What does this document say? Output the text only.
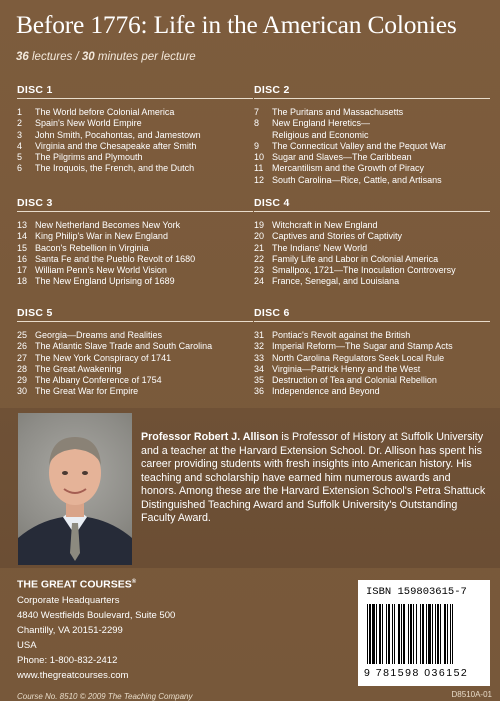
Before 1776: Life in the American Colonies
36 lectures / 30 minutes per lecture
DISC 1
1	The World before Colonial America
2	Spain's New World Empire
3	John Smith, Pocahontas, and Jamestown
4	Virginia and the Chesapeake after Smith
5	The Pilgrims and Plymouth
6	The Iroquois, the French, and the Dutch
DISC 2
7	The Puritans and Massachusetts
8	New England Heretics—
Religious and Economic
9	The Connecticut Valley and the Pequot War
10 Sugar and Slaves—The Caribbean
11 Mercantilism and the Growth of Piracy
12 South Carolina—Rice, Cattle, and Artisans
DISC 3
13 New Netherland Becomes New York
14 King Philip's War in New England
15 Bacon's Rebellion in Virginia
16 Santa Fe and the Pueblo Revolt of 1680
17 William Penn's New World Vision
18 The New England Uprising of 1689
DISC 4
19 Witchcraft in New England
20 Captives and Stories of Captivity
21 The Indians' New World
22 Family Life and Labor in Colonial America
23 Smallpox, 1721—The Inoculation Controversy
24 France, Senegal, and Louisiana
DISC 5
25 Georgia—Dreams and Realities
26 The Atlantic Slave Trade and South Carolina
27 The New York Conspiracy of 1741
28 The Great Awakening
29 The Albany Conference of 1754
30 The Great War for Empire
DISC 6
31 Pontiac's Revolt against the British
32 Imperial Reform—The Sugar and Stamp Acts
33 North Carolina Regulators Seek Local Rule
34 Virginia—Patrick Henry and the West
35 Destruction of Tea and Colonial Rebellion
36 Independence and Beyond
Professor Robert J. Allison is Professor of History at Suffolk University and a teacher at the Harvard Extension School. Dr. Allison has spent his career providing students with fresh insights into American history. His teaching and scholarship have earned him numerous awards and honors. Among these are the Harvard Extension School's Petra Shattuck Distinguished Teaching Award and Suffolk University's Outstanding Faculty Award.
THE GREAT COURSES®
Corporate Headquarters
4840 Westfields Boulevard, Suite 500
Chantilly, VA 20151-2299
USA
Phone: 1-800-832-2412
www.thegreatcourses.com
ISBN 159803615-7
9 781598 036152
Course No. 8510 © 2009 The Teaching Company	D8510A-01
